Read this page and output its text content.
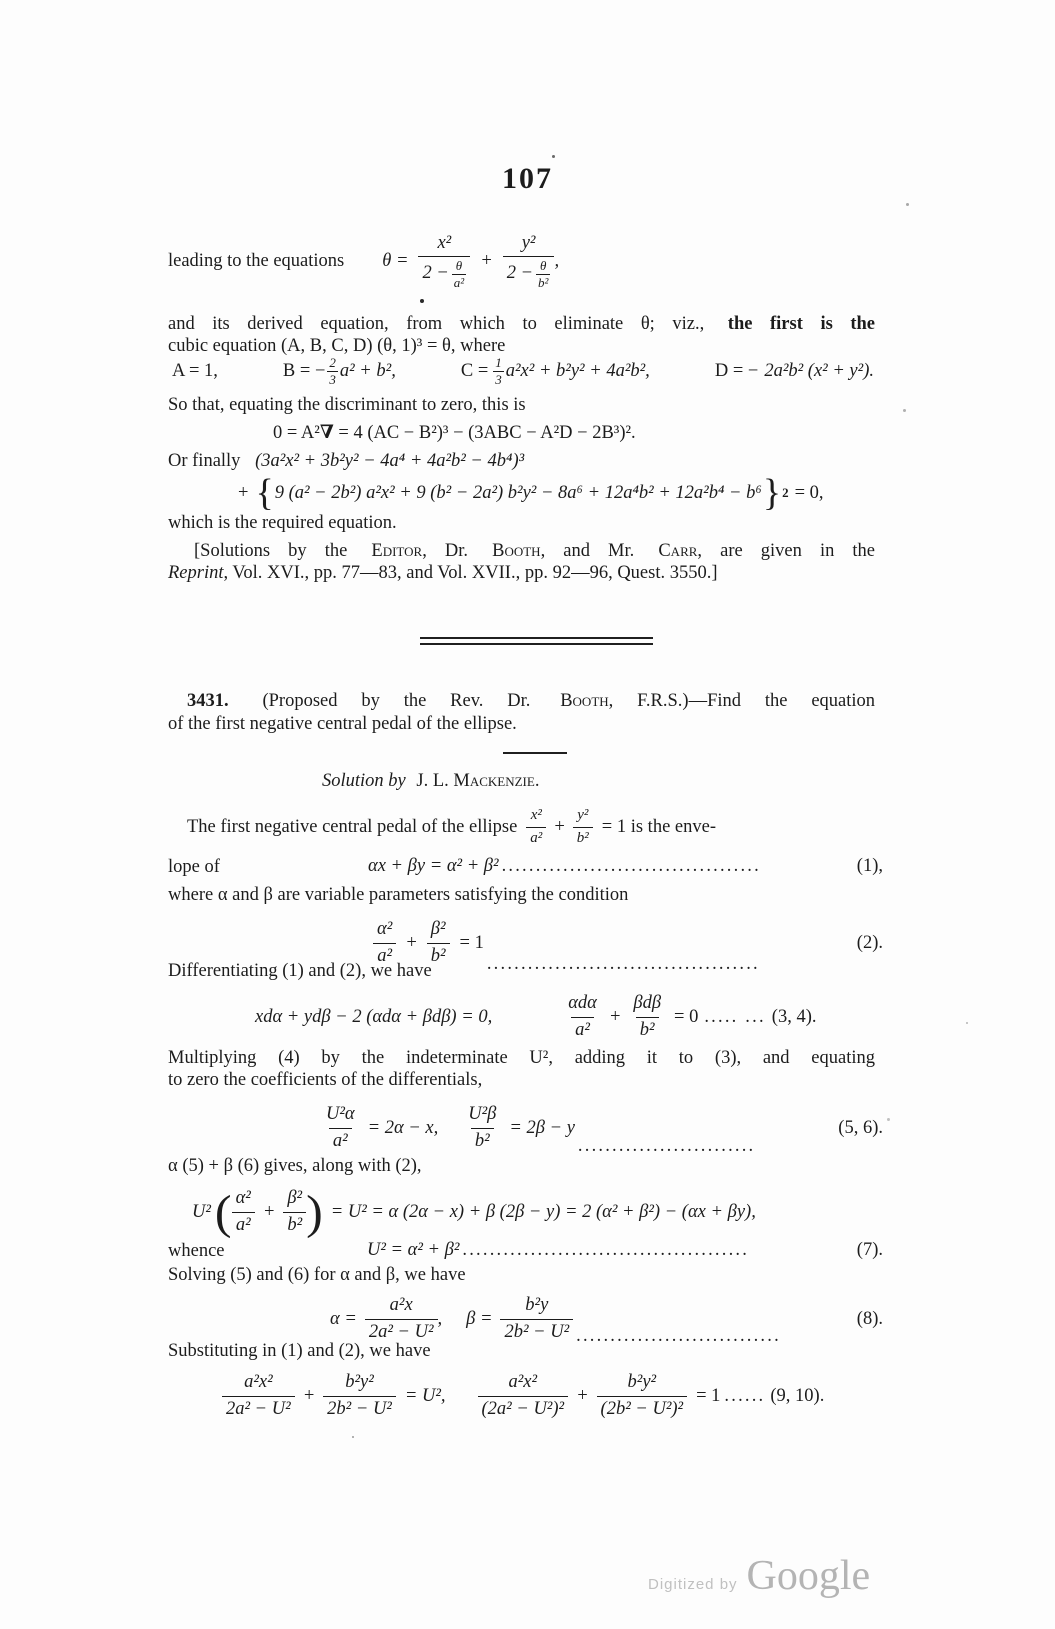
107
leading to the equations $\theta = \frac{\text{x²}}{2 - \frac{\theta}{\text{a²}}} + \frac{\text{y²}}{2 - \frac{\theta}{\text{b²}}}$ ,
and its derived equation, from which to eliminate θ; viz., the first is the
cubic equation (A, B, C, D) (θ, 1)³ = θ, where
A = 1,	B = − $\frac{2}{3} a^2 + b^2$,	$C = \frac{1}{3} a^2x^2 + b^2y^2 + 4a^2b^2$,	D = − 2a²b² (x² + y²).
So that, equating the discriminant to zero, this is
0 = A²∇ = 4 (AC − B²)³ − (3ABC − A²D − 2B³)².
Or finally (3a²x² + 3b²y² − 4a⁴ + 4a²b² − 4b⁴)³
+ { 9 (a² − 2b²) a²x² + 9 (b² − 2a²) b²y² − 8a⁶ + 12a⁴b² + 12a²b⁴ − b⁶ } 2 = 0,
which is the required equation.
[Solutions by the Editor, Dr. Booth, and Mr. Carr, are given in the
Reprint, Vol. XVI., pp. 77—83, and Vol. XVII., pp. 92—96, Quest. 3550.]
3431. (Proposed by the Rev. Dr. Booth, F.R.S.)—Find the equation
of the first negative central pedal of the ellipse.
Solution by J. L. Mackenzie.
The first negative central pedal of the ellipse $\frac{\text{x²}}{\text{a²}} + \frac{\text{y²}}{\text{b²}} = 1$ is the enve-
lope of	αx + βy = α² + β² ......................................	(1),
where α and β are variable parameters satisfying the condition
$\frac{\text{α²}}{\text{a²}} + \frac{\text{β²}}{\text{b²}} = 1$
........................................
(2).
Differentiating (1) and (2), we have
xdα + ydβ − 2 (αdα + βdβ) = 0,
αdα
a²
+
βdβ
b²
= 0 ..... ... (3, 4).
Multiplying (4) by the indeterminate U², adding it to (3), and equating
to zero the coefficients of the differentials,
$\frac{\text{U²α}}{\text{a²}} = 2\alpha - x$, $\frac{\text{U²β}}{\text{b²}} = 2\beta - y$
..........................
(5, 6).
α (5) + β (6) gives, along with (2),
U² ( $\frac{\text{α²}}{\text{a²}} + \frac{\text{β²}}{\text{b²}}$ ) = U² = α (2α − x) + β (2β − y) = 2 (α² + β²) − (αx + βy),
whence	U² = α² + β² ..........................................	(7).
Solving (5) and (6) for α and β, we have
$\alpha = \frac{\text{a²x}}{\text{2a² − U²}}$ , $\beta = \frac{\text{b²y}}{\text{2b² − U²}}$ ..............................
(8).
Substituting in (1) and (2), we have
$\frac{\text{a²x²}}{\text{2a² − U²}} + \frac{\text{b²y²}}{\text{2b² − U²}} = U^2$, $\frac{\text{a²x²}}{\text{(2a² − U²)²}} + \frac{\text{b²y²}}{\text{(2b² − U²)²}} = 1$ ...... (9, 10).
Digitized by Google
